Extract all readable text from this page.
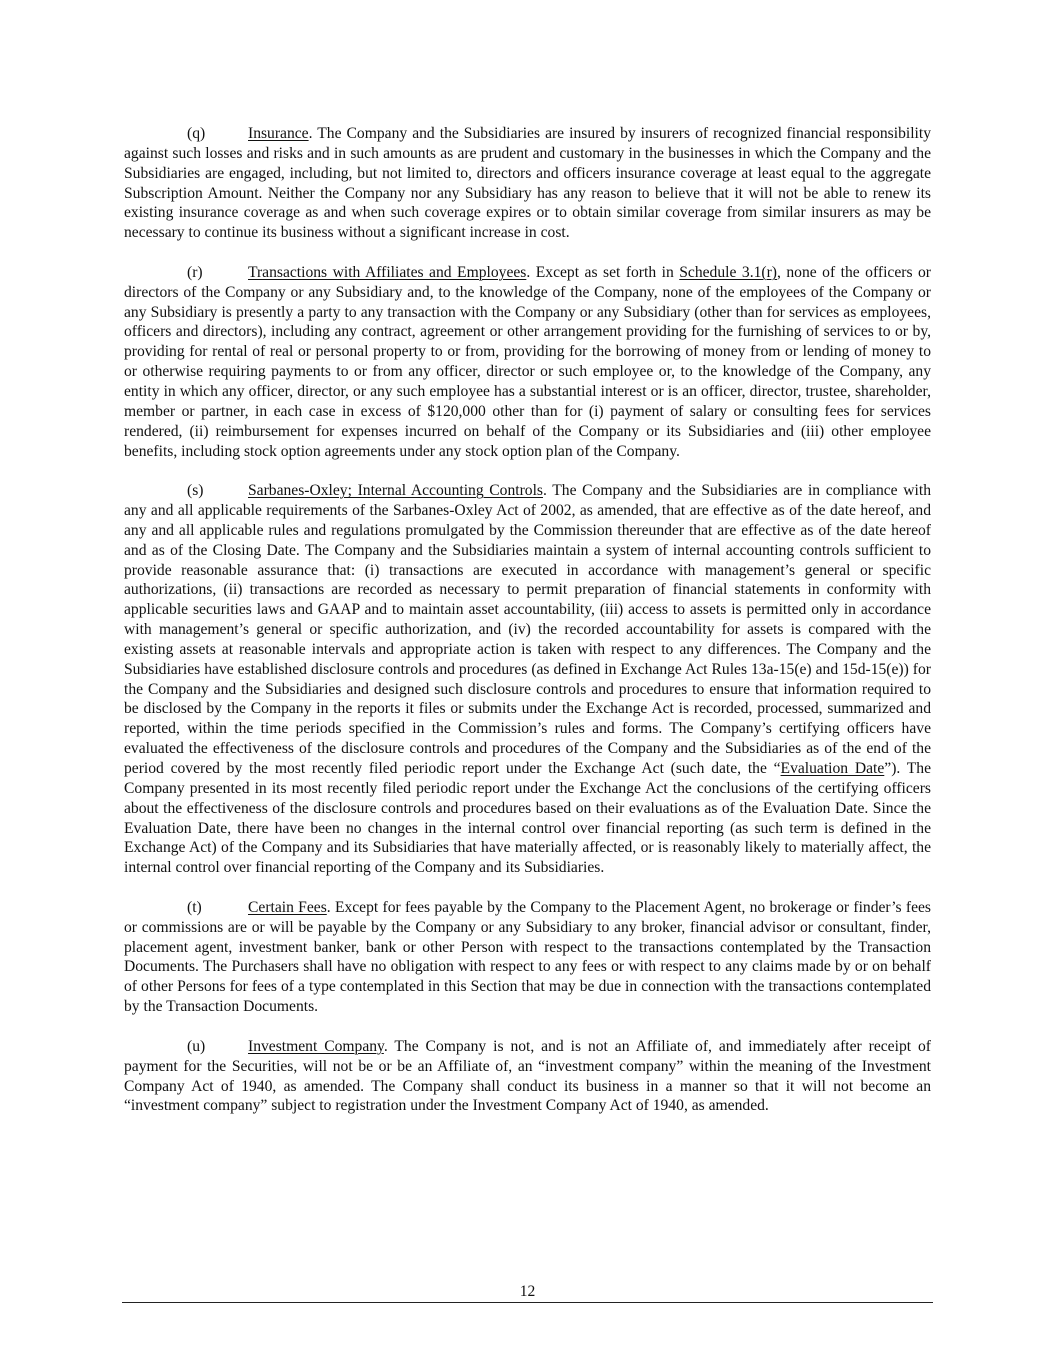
(q)	Insurance. The Company and the Subsidiaries are insured by insurers of recognized financial responsibility against such losses and risks and in such amounts as are prudent and customary in the businesses in which the Company and the Subsidiaries are engaged, including, but not limited to, directors and officers insurance coverage at least equal to the aggregate Subscription Amount. Neither the Company nor any Subsidiary has any reason to believe that it will not be able to renew its existing insurance coverage as and when such coverage expires or to obtain similar coverage from similar insurers as may be necessary to continue its business without a significant increase in cost.

(r)	Transactions with Affiliates and Employees. Except as set forth in Schedule 3.1(r), none of the officers or directors of the Company or any Subsidiary and, to the knowledge of the Company, none of the employees of the Company or any Subsidiary is presently a party to any transaction with the Company or any Subsidiary (other than for services as employees, officers and directors), including any contract, agreement or other arrangement providing for the furnishing of services to or by, providing for rental of real or personal property to or from, providing for the borrowing of money from or lending of money to or otherwise requiring payments to or from any officer, director or such employee or, to the knowledge of the Company, any entity in which any officer, director, or any such employee has a substantial interest or is an officer, director, trustee, shareholder, member or partner, in each case in excess of $120,000 other than for (i) payment of salary or consulting fees for services rendered, (ii) reimbursement for expenses incurred on behalf of the Company or its Subsidiaries and (iii) other employee benefits, including stock option agreements under any stock option plan of the Company.

(s)	Sarbanes-Oxley; Internal Accounting Controls. The Company and the Subsidiaries are in compliance with any and all applicable requirements of the Sarbanes-Oxley Act of 2002, as amended, that are effective as of the date hereof, and any and all applicable rules and regulations promulgated by the Commission thereunder that are effective as of the date hereof and as of the Closing Date. The Company and the Subsidiaries maintain a system of internal accounting controls sufficient to provide reasonable assurance that: (i) transactions are executed in accordance with management’s general or specific authorizations, (ii) transactions are recorded as necessary to permit preparation of financial statements in conformity with applicable securities laws and GAAP and to maintain asset accountability, (iii) access to assets is permitted only in accordance with management’s general or specific authorization, and (iv) the recorded accountability for assets is compared with the existing assets at reasonable intervals and appropriate action is taken with respect to any differences. The Company and the Subsidiaries have established disclosure controls and procedures (as defined in Exchange Act Rules 13a-15(e) and 15d-15(e)) for the Company and the Subsidiaries and designed such disclosure controls and procedures to ensure that information required to be disclosed by the Company in the reports it files or submits under the Exchange Act is recorded, processed, summarized and reported, within the time periods specified in the Commission’s rules and forms. The Company’s certifying officers have evaluated the effectiveness of the disclosure controls and procedures of the Company and the Subsidiaries as of the end of the period covered by the most recently filed periodic report under the Exchange Act (such date, the “Evaluation Date”). The Company presented in its most recently filed periodic report under the Exchange Act the conclusions of the certifying officers about the effectiveness of the disclosure controls and procedures based on their evaluations as of the Evaluation Date. Since the Evaluation Date, there have been no changes in the internal control over financial reporting (as such term is defined in the Exchange Act) of the Company and its Subsidiaries that have materially affected, or is reasonably likely to materially affect, the internal control over financial reporting of the Company and its Subsidiaries.

(t)	Certain Fees. Except for fees payable by the Company to the Placement Agent, no brokerage or finder’s fees or commissions are or will be payable by the Company or any Subsidiary to any broker, financial advisor or consultant, finder, placement agent, investment banker, bank or other Person with respect to the transactions contemplated by the Transaction Documents. The Purchasers shall have no obligation with respect to any fees or with respect to any claims made by or on behalf of other Persons for fees of a type contemplated in this Section that may be due in connection with the transactions contemplated by the Transaction Documents.

(u)	Investment Company. The Company is not, and is not an Affiliate of, and immediately after receipt of payment for the Securities, will not be or be an Affiliate of, an “investment company” within the meaning of the Investment Company Act of 1940, as amended. The Company shall conduct its business in a manner so that it will not become an “investment company” subject to registration under the Investment Company Act of 1940, as amended.

12
